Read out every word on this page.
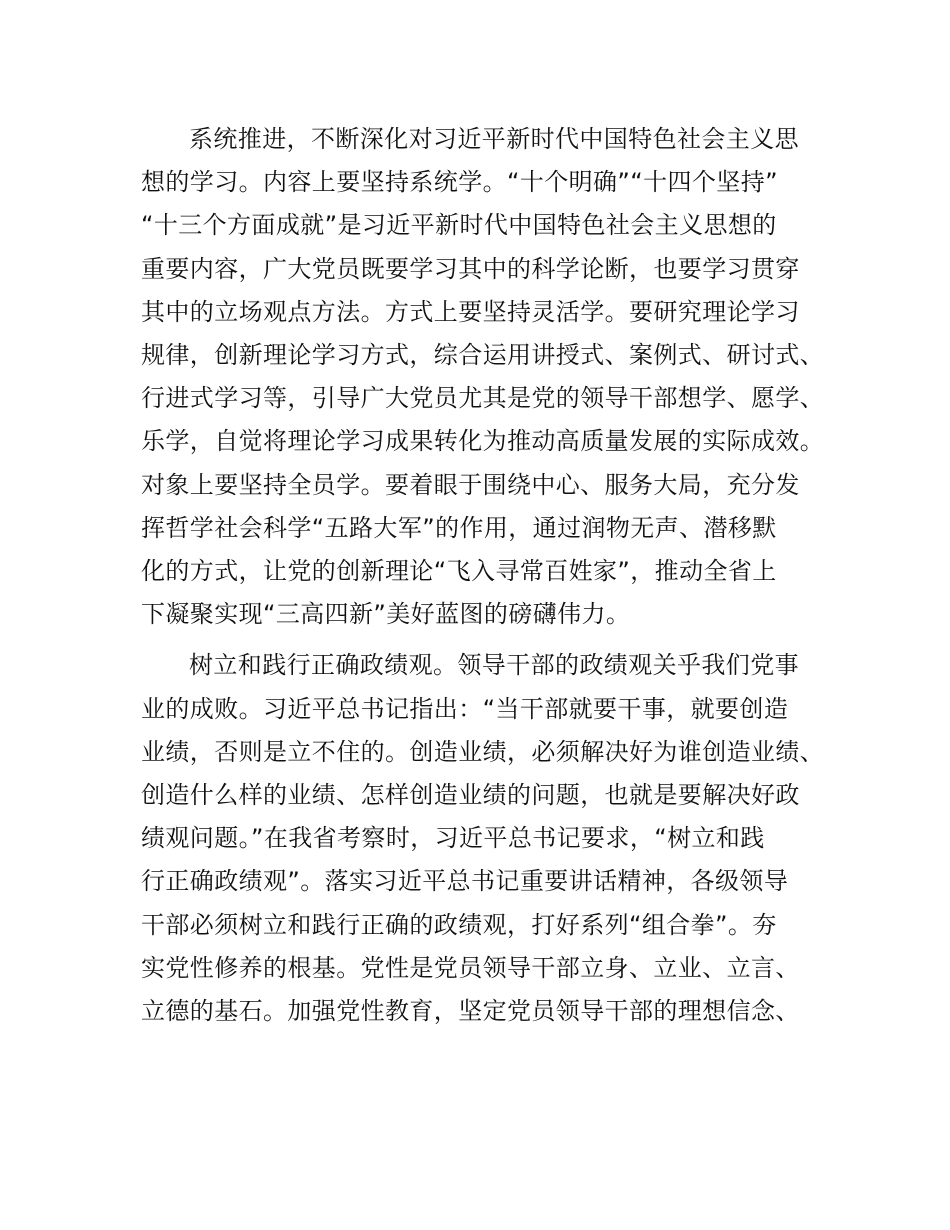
系统推进，不断深化对习近平新时代中国特色社会主义思
想的学习。内容上要坚持系统学。“十个明确”“十四个坚持”
“十三个方面成就”是习近平新时代中国特色社会主义思想的
重要内容，广大党员既要学习其中的科学论断，也要学习贯穿
其中的立场观点方法。方式上要坚持灵活学。要研究理论学习
规律，创新理论学习方式，综合运用讲授式、案例式、研讨式、
行进式学习等，引导广大党员尤其是党的领导干部想学、愿学、
乐学，自觉将理论学习成果转化为推动高质量发展的实际成效。
对象上要坚持全员学。要着眼于围绕中心、服务大局，充分发
挥哲学社会科学“五路大军”的作用，通过润物无声、潜移默
化的方式，让党的创新理论“飞入寻常百姓家”，推动全省上
下凝聚实现“三高四新”美好蓝图的磅礴伟力。

树立和践行正确政绩观。领导干部的政绩观关乎我们党事
业的成败。习近平总书记指出：“当干部就要干事，就要创造
业绩，否则是立不住的。创造业绩，必须解决好为谁创造业绩、
创造什么样的业绩、怎样创造业绩的问题，也就是要解决好政
绩观问题。”在我省考察时，习近平总书记要求，“树立和践
行正确政绩观”。落实习近平总书记重要讲话精神，各级领导
干部必须树立和践行正确的政绩观，打好系列“组合拳”。夯
实党性修养的根基。党性是党员领导干部立身、立业、立言、
立德的基石。加强党性教育，坚定党员领导干部的理想信念、
